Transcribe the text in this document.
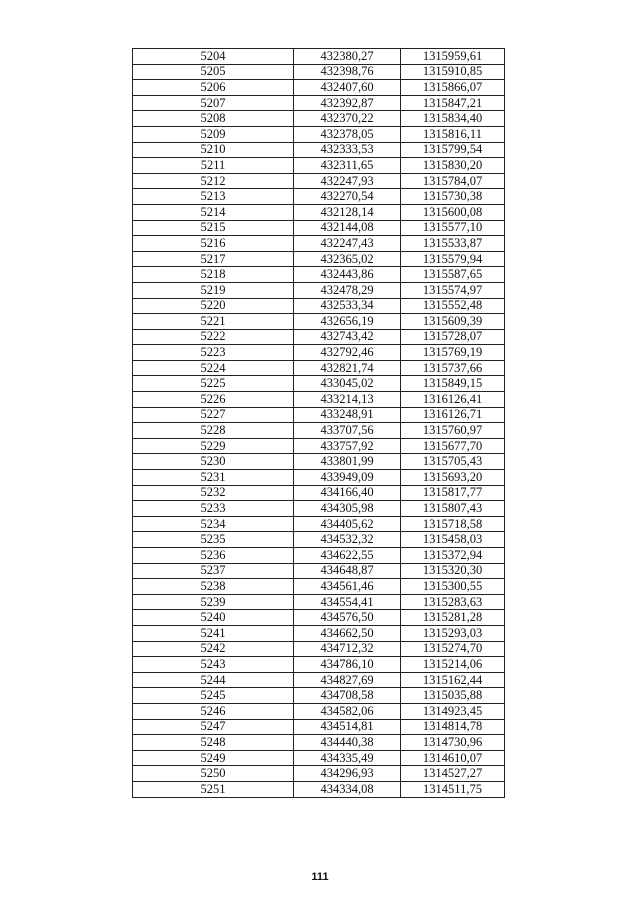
5204	432380,27	1315959,61
5205	432398,76	1315910,85
5206	432407,60	1315866,07
5207	432392,87	1315847,21
5208	432370,22	1315834,40
5209	432378,05	1315816,11
5210	432333,53	1315799,54
5211	432311,65	1315830,20
5212	432247,93	1315784,07
5213	432270,54	1315730,38
5214	432128,14	1315600,08
5215	432144,08	1315577,10
5216	432247,43	1315533,87
5217	432365,02	1315579,94
5218	432443,86	1315587,65
5219	432478,29	1315574,97
5220	432533,34	1315552,48
5221	432656,19	1315609,39
5222	432743,42	1315728,07
5223	432792,46	1315769,19
5224	432821,74	1315737,66
5225	433045,02	1315849,15
5226	433214,13	1316126,41
5227	433248,91	1316126,71
5228	433707,56	1315760,97
5229	433757,92	1315677,70
5230	433801,99	1315705,43
5231	433949,09	1315693,20
5232	434166,40	1315817,77
5233	434305,98	1315807,43
5234	434405,62	1315718,58
5235	434532,32	1315458,03
5236	434622,55	1315372,94
5237	434648,87	1315320,30
5238	434561,46	1315300,55
5239	434554,41	1315283,63
5240	434576,50	1315281,28
5241	434662,50	1315293,03
5242	434712,32	1315274,70
5243	434786,10	1315214,06
5244	434827,69	1315162,44
5245	434708,58	1315035,88
5246	434582,06	1314923,45
5247	434514,81	1314814,78
5248	434440,38	1314730,96
5249	434335,49	1314610,07
5250	434296,93	1314527,27
5251	434334,08	1314511,75
111
